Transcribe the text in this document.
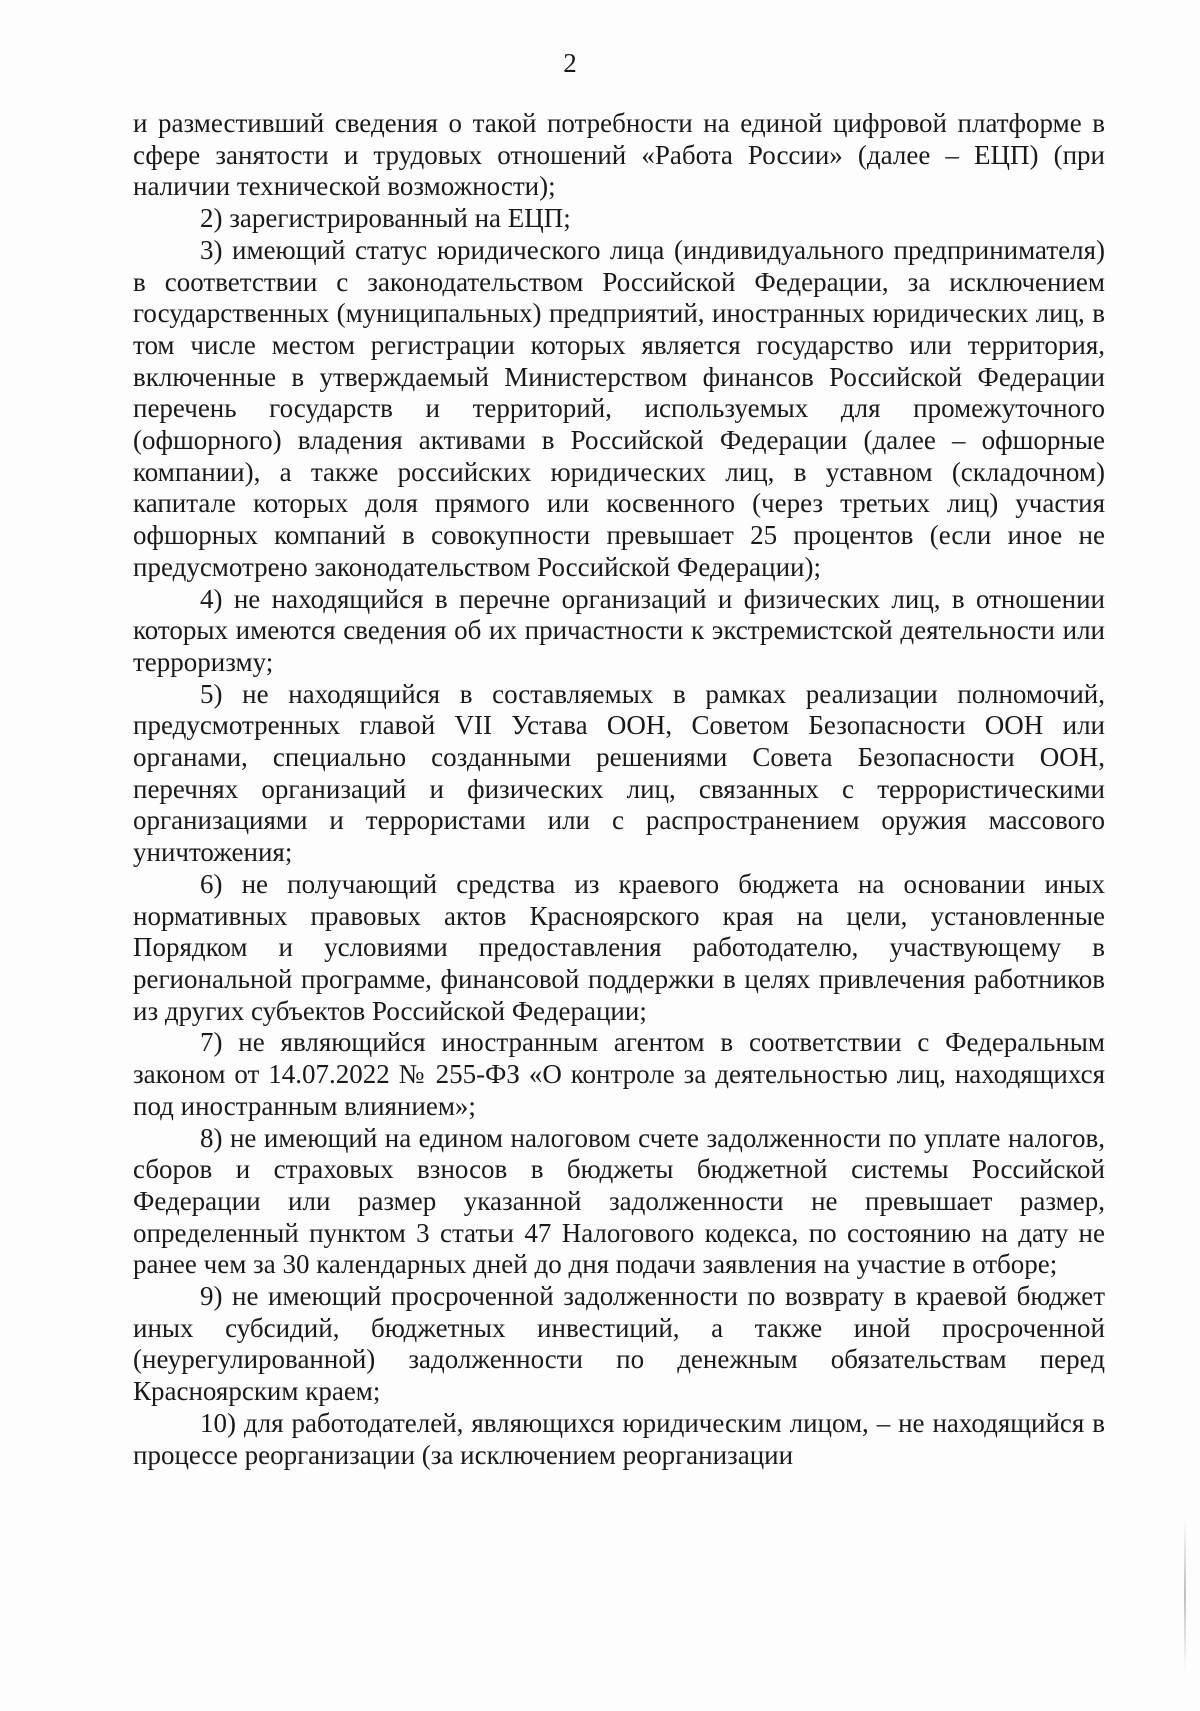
2

и разместивший сведения о такой потребности на единой цифровой платформе в сфере занятости и трудовых отношений «Работа России» (далее – ЕЦП) (при наличии технической возможности);

2) зарегистрированный на ЕЦП;

3) имеющий статус юридического лица (индивидуального предпринимателя) в соответствии с законодательством Российской Федерации, за исключением государственных (муниципальных) предприятий, иностранных юридических лиц, в том числе местом регистрации которых является государство или территория, включенные в утверждаемый Министерством финансов Российской Федерации перечень государств и территорий, используемых для промежуточного (офшорного) владения активами в Российской Федерации (далее – офшорные компании), а также российских юридических лиц, в уставном (складочном) капитале которых доля прямого или косвенного (через третьих лиц) участия офшорных компаний в совокупности превышает 25 процентов (если иное не предусмотрено законодательством Российской Федерации);

4) не находящийся в перечне организаций и физических лиц, в отношении которых имеются сведения об их причастности к экстремистской деятельности или терроризму;

5) не находящийся в составляемых в рамках реализации полномочий, предусмотренных главой VII Устава ООН, Советом Безопасности ООН или органами, специально созданными решениями Совета Безопасности ООН, перечнях организаций и физических лиц, связанных с террористическими организациями и террористами или с распространением оружия массового уничтожения;

6) не получающий средства из краевого бюджета на основании иных нормативных правовых актов Красноярского края на цели, установленные Порядком и условиями предоставления работодателю, участвующему в региональной программе, финансовой поддержки в целях привлечения работников из других субъектов Российской Федерации;

7) не являющийся иностранным агентом в соответствии с Федеральным законом от 14.07.2022 № 255-ФЗ «О контроле за деятельностью лиц, находящихся под иностранным влиянием»;

8) не имеющий на едином налоговом счете задолженности по уплате налогов, сборов и страховых взносов в бюджеты бюджетной системы Российской Федерации или размер указанной задолженности не превышает размер, определенный пунктом 3 статьи 47 Налогового кодекса, по состоянию на дату не ранее чем за 30 календарных дней до дня подачи заявления на участие в отборе;

9) не имеющий просроченной задолженности по возврату в краевой бюджет иных субсидий, бюджетных инвестиций, а также иной просроченной (неурегулированной) задолженности по денежным обязательствам перед Красноярским краем;

10) для работодателей, являющихся юридическим лицом, – не находящийся в процессе реорганизации (за исключением реорганизации
